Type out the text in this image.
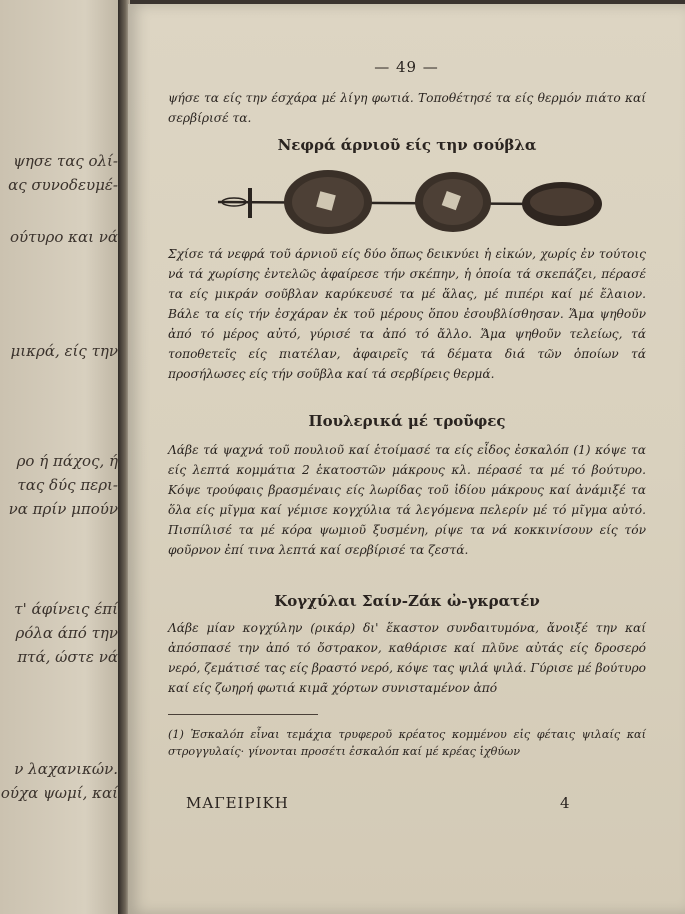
ψησε τας ολί-
ας συνοδευμέ-
ούτυρο και νά
μικρά, είς την
ρο ή πάχος, ή
τας δύς περι-
να πρίν μπούν
τ' άφίνεις έπί
ρόλα άπό την
πτά, ώστε νά
ν λαχανικών.
ούχα ψωμί, καί
— 49 —
ψήσε τα είς την έσχάρα μέ λίγη φωτιά. Τοποθέτησέ τα είς θερμόν πιάτο καί σερβίρισέ τα.
Νεφρά άρνιοῦ είς την σούβλα
Σχίσε τά νεφρά τοῦ άρνιοῦ είς δύο ὅπως δεικνύει ἡ εἰκών, χωρίς ἐν τούτοις νά τά χωρίσης ἐντελῶς ἀφαίρεσε τήν σκέπην, ἡ ὁποία τά σκεπάζει, πέρασέ τα είς μικράν σοῦβλαν καρύκευσέ τα μέ ἅλας, μέ πιπέρι καί μέ ἔλαιον. Βάλε τα είς τήν ἐσχάραν ἐκ τοῦ μέρους ὅπου ἐσουβλίσθησαν. Ἅμα ψηθοῦν ἀπό τό μέρος αὐτό, γύρισέ τα ἀπό τό ἄλλο. Ἅμα ψηθοῦν τελείως, τά τοποθετεῖς είς πιατέλαν, ἀφαιρεῖς τά δέματα διά τῶν ὁποίων τά προσήλωσες είς τήν σοῦβλα καί τά σερβίρεις θερμά.
Πουλερικά μέ τροῦφες
Λάβε τά ψαχνά τοῦ πουλιοῦ καί ἑτοίμασέ τα είς εἶδος ἐσκαλόπ (1) κόψε τα είς λεπτά κομμάτια 2 ἑκατοστῶν μάκρους κλ. πέρασέ τα μέ τό βούτυρο. Κόψε τρούφαις βρασμέναις είς λωρίδας τοῦ ἰδίου μάκρους καί ἀνάμιξέ τα ὅλα είς μῖγμα καί γέμισε κογχύλια τά λεγόμενα πελερίν μέ τό μῖγμα αὐτό. Πισπίλισέ τα μέ κόρα ψωμιοῦ ξυσμένη, ρίψε τα νά κοκκινίσουν είς τόν φοῦρνον ἐπί τινα λεπτά καί σερβίρισέ τα ζεστά.
Κογχύλαι Σαίν-Ζάκ ὠ-γκρατέν
Λάβε μίαν κογχύλην (ρικάρ) δι' ἕκαστον συνδαιτυμόνα, ἄνοιξέ την καί ἀπόσπασέ την ἀπό τό ὄστρακον, καθάρισε καί πλῦνε αὐτάς είς δροσερό νερό, ζεμάτισέ τας είς βραστό νερό, κόψε τας ψιλά ψιλά. Γύρισε μέ βούτυρο καί είς ζωηρή φωτιά κιμᾶ χόρτων συνισταμένον ἀπό
(1) Ἐσκαλόπ εἶναι τεμάχια τρυφεροῦ κρέατος κομμένου εἰς φέταις ψιλαίς καί στρογγυλαίς· γίνονται προσέτι ἐσκαλόπ καί μέ κρέας ἰχθύων
ΜΑΓΕΙΡΙΚΗ	4
